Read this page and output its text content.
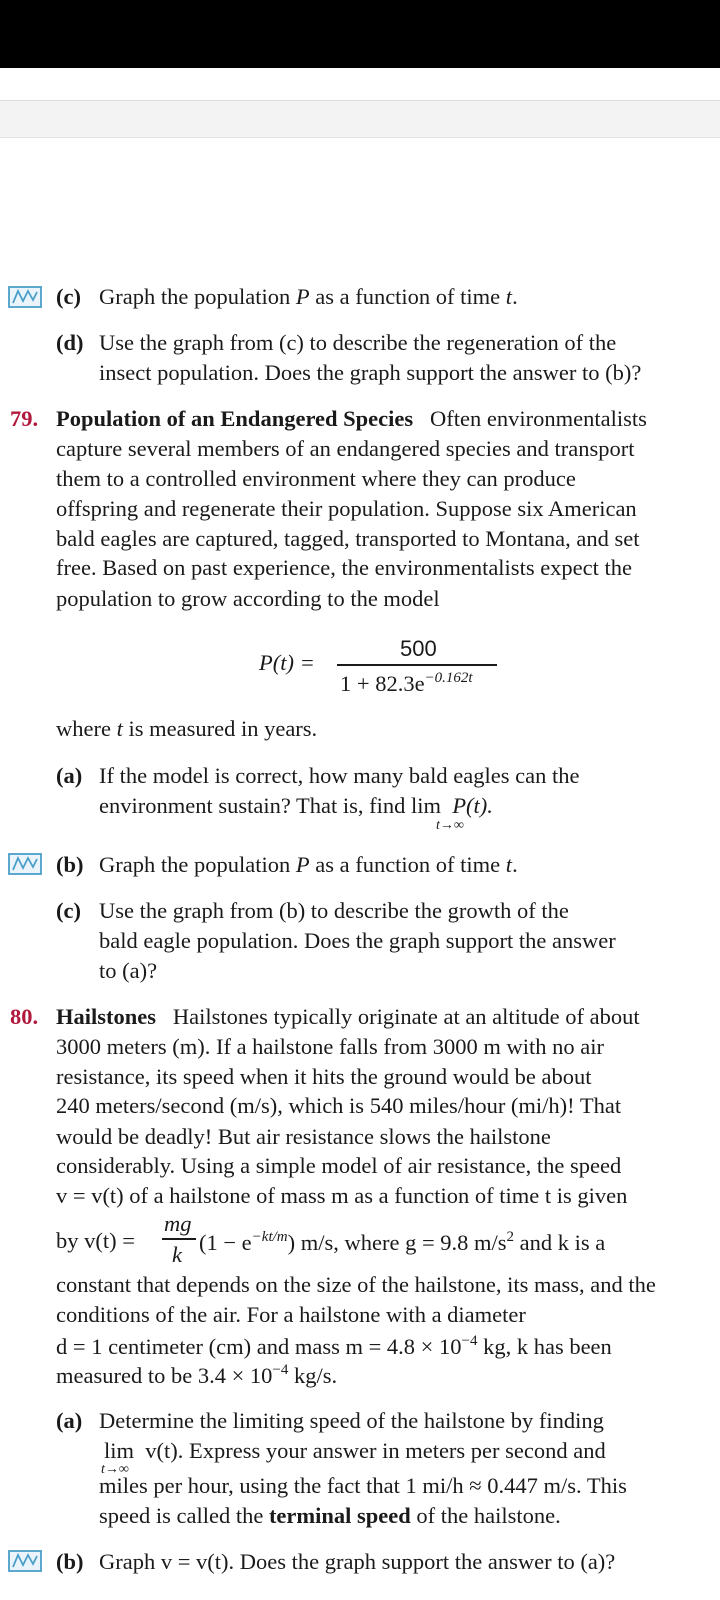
(c) Graph the population P as a function of time t.
(d) Use the graph from (c) to describe the regeneration of the
insect population. Does the graph support the answer to (b)?
79. Population of an Endangered Species Often environmentalists
capture several members of an endangered species and transport
them to a controlled environment where they can produce
offspring and regenerate their population. Suppose six American
bald eagles are captured, tagged, transported to Montana, and set
free. Based on past experience, the environmentalists expect the
population to grow according to the model
P(t) =
500
$1 + 82.3e^{-0.162t}$
where t is measured in years.
(a) If the model is correct, how many bald eagles can the
environment sustain? That is, find lim P(t).
t→∞
(b) Graph the population P as a function of time t.
(c) Use the graph from (b) to describe the growth of the
bald eagle population. Does the graph support the answer
to (a)?
80. Hailstones Hailstones typically originate at an altitude of about
3000 meters (m). If a hailstone falls from 3000 m with no air
resistance, its speed when it hits the ground would be about
240 meters/second (m/s), which is 540 miles/hour (mi/h)! That
would be deadly! But air resistance slows the hailstone
considerably. Using a simple model of air resistance, the speed
v = v(t) of a hailstone of mass m as a function of time t is given
by v(t) =
mg
k $(1 - e^{-kt/m})$ m/s, where g = 9.8 $m/s^2$ and k is a
constant that depends on the size of the hailstone, its mass, and the
conditions of the air. For a hailstone with a diameter
d = 1 centimeter (cm) and mass $m = 4.8 \times 10^{-4}$ kg, k has been
measured to be $3.4 \times 10^{-4}$ kg/s.
(a) Determine the limiting speed of the hailstone by finding
lim v(t). Express your answer in meters per second and
t→∞
miles per hour, using the fact that 1 mi/h ≈ 0.447 m/s. This
speed is called the terminal speed of the hailstone.
(b) Graph v = v(t). Does the graph support the answer to (a)?
